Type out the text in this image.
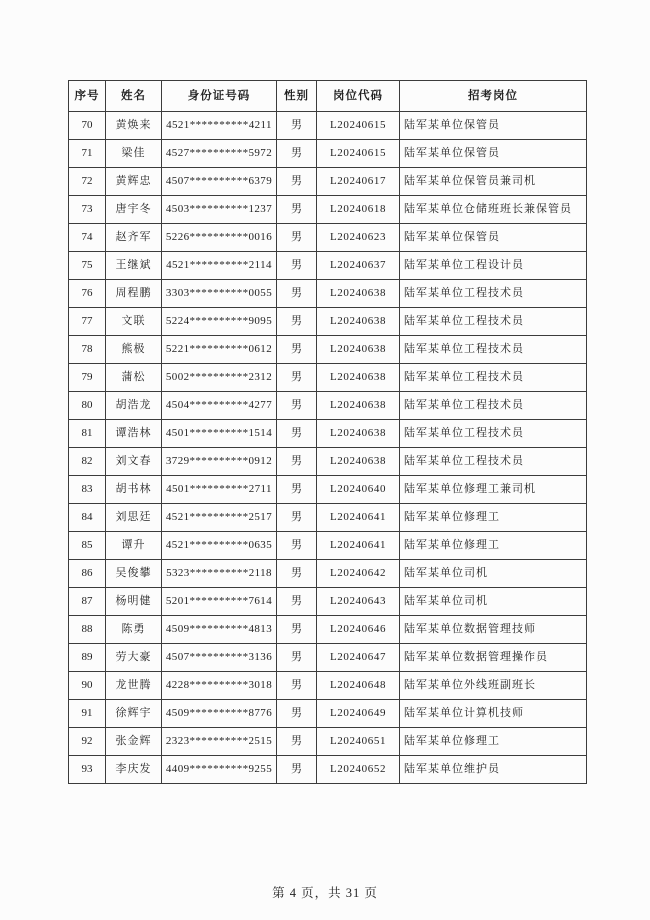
序号	姓名	身份证号码	性别	岗位代码	招考岗位
70	黄焕来	4521**********4211	男	L20240615	陆军某单位保管员
71	梁佳	4527**********5972	男	L20240615	陆军某单位保管员
72	黄辉忠	4507**********6379	男	L20240617	陆军某单位保管员兼司机
73	唐宇冬	4503**********1237	男	L20240618	陆军某单位仓储班班长兼保管员
74	赵齐军	5226**********0016	男	L20240623	陆军某单位保管员
75	王继斌	4521**********2114	男	L20240637	陆军某单位工程设计员
76	周程鹏	3303**********0055	男	L20240638	陆军某单位工程技术员
77	文联	5224**********9095	男	L20240638	陆军某单位工程技术员
78	熊极	5221**********0612	男	L20240638	陆军某单位工程技术员
79	蒲松	5002**********2312	男	L20240638	陆军某单位工程技术员
80	胡浩龙	4504**********4277	男	L20240638	陆军某单位工程技术员
81	谭浩林	4501**********1514	男	L20240638	陆军某单位工程技术员
82	刘文春	3729**********0912	男	L20240638	陆军某单位工程技术员
83	胡书林	4501**********2711	男	L20240640	陆军某单位修理工兼司机
84	刘思廷	4521**********2517	男	L20240641	陆军某单位修理工
85	谭升	4521**********0635	男	L20240641	陆军某单位修理工
86	吴俊攀	5323**********2118	男	L20240642	陆军某单位司机
87	杨明健	5201**********7614	男	L20240643	陆军某单位司机
88	陈勇	4509**********4813	男	L20240646	陆军某单位数据管理技师
89	劳大豪	4507**********3136	男	L20240647	陆军某单位数据管理操作员
90	龙世腾	4228**********3018	男	L20240648	陆军某单位外线班副班长
91	徐辉宇	4509**********8776	男	L20240649	陆军某单位计算机技师
92	张金辉	2323**********2515	男	L20240651	陆军某单位修理工
93	李庆发	4409**********9255	男	L20240652	陆军某单位维护员
第 4 页，共 31 页
